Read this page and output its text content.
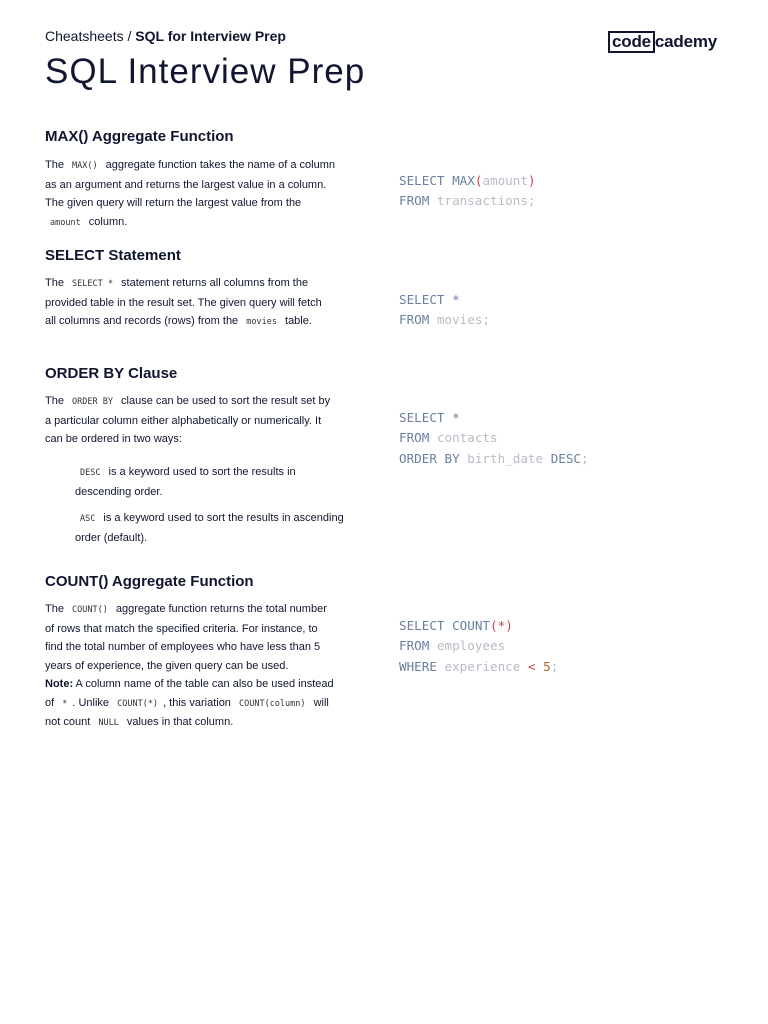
Cheatsheets / SQL for Interview Prep	code cademy
SQL Interview Prep
MAX() Aggregate Function

The MAX() aggregate function takes the name of a column as an argument and returns the largest value in a column. The given query will return the largest value from the amount column.

SELECT MAX(amount)
FROM transactions;
SELECT Statement

The SELECT * statement returns all columns from the provided table in the result set. The given query will fetch all columns and records (rows) from the movies table.

SELECT *
FROM movies;
ORDER BY Clause

The ORDER BY clause can be used to sort the result set by a particular column either alphabetically or numerically. It can be ordered in two ways:

DESC is a keyword used to sort the results in descending order.
ASC is a keyword used to sort the results in ascending order (default).
SELECT *
FROM contacts
ORDER BY birth_date DESC;
COUNT() Aggregate Function

The COUNT() aggregate function returns the total number of rows that match the specified criteria. For instance, to find the total number of employees who have less than 5 years of experience, the given query can be used.

Note: A column name of the table can also be used instead of * . Unlike COUNT(*) , this variation COUNT(column) will not count NULL values in that column.

SELECT COUNT(*)
FROM employees
WHERE experience < 5;
